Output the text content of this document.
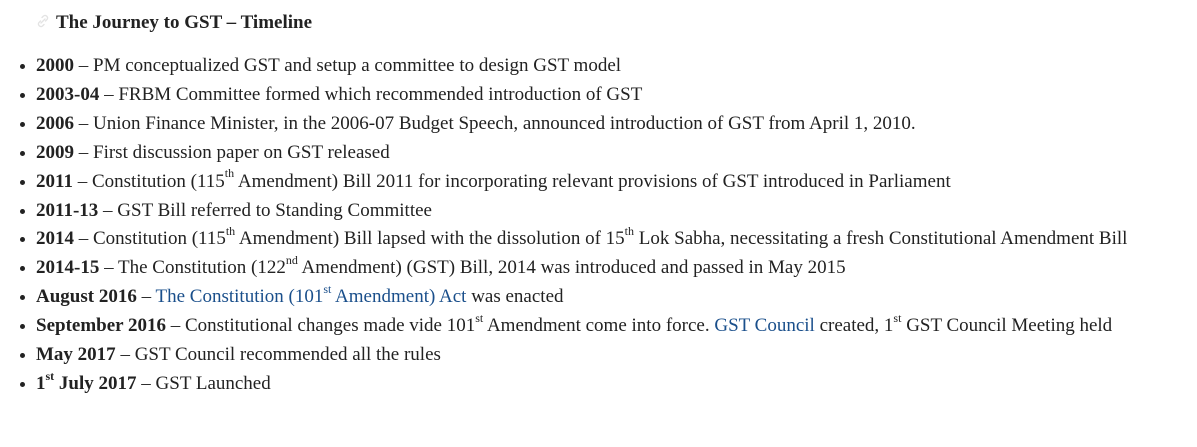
The Journey to GST – Timeline
2000 – PM conceptualized GST and setup a committee to design GST model
2003-04 – FRBM Committee formed which recommended introduction of GST
2006 – Union Finance Minister, in the 2006-07 Budget Speech, announced introduction of GST from April 1, 2010.
2009 – First discussion paper on GST released
2011 – Constitution (115th Amendment) Bill 2011 for incorporating relevant provisions of GST introduced in Parliament
2011-13 – GST Bill referred to Standing Committee
2014 – Constitution (115th Amendment) Bill lapsed with the dissolution of 15th Lok Sabha, necessitating a fresh Constitutional Amendment Bill
2014-15 – The Constitution (122nd Amendment) (GST) Bill, 2014 was introduced and passed in May 2015
August 2016 – The Constitution (101st Amendment) Act was enacted
September 2016 – Constitutional changes made vide 101st Amendment come into force. GST Council created, 1st GST Council Meeting held
May 2017 – GST Council recommended all the rules
1st July 2017 – GST Launched
